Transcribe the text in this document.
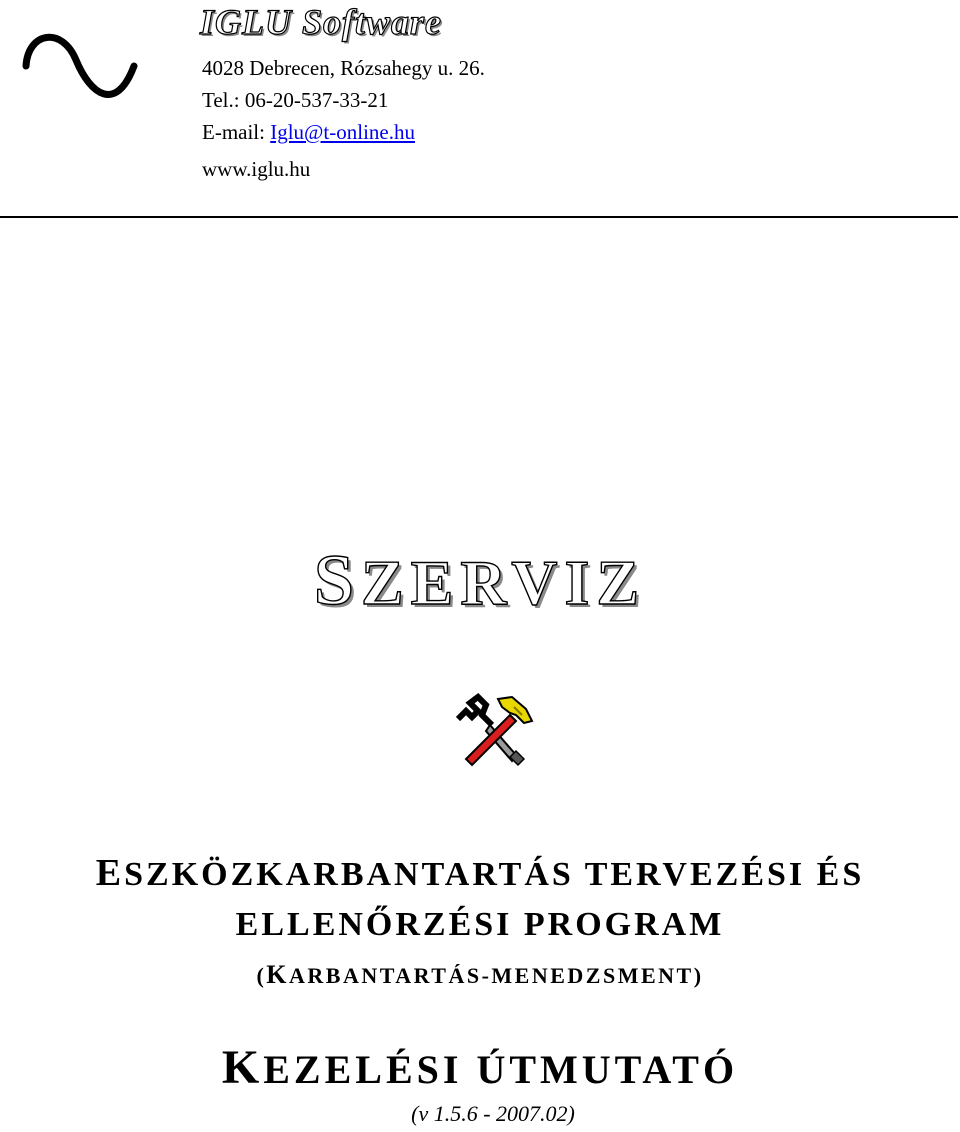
IGLU Software
4028 Debrecen, Rózsahegy u. 26.
Tel.: 06-20-537-33-21
E-mail: Iglu@t-online.hu
www.iglu.hu
SZERVIZ
ESZKÖZKARBANTARTÁS TERVEZÉSI ÉS
ELLENŐRZÉSI PROGRAM
(KARBANTARTÁS-MENEDZSMENT)
KEZELÉSI ÚTMUTATÓ
(v 1.5.6 - 2007.02)
